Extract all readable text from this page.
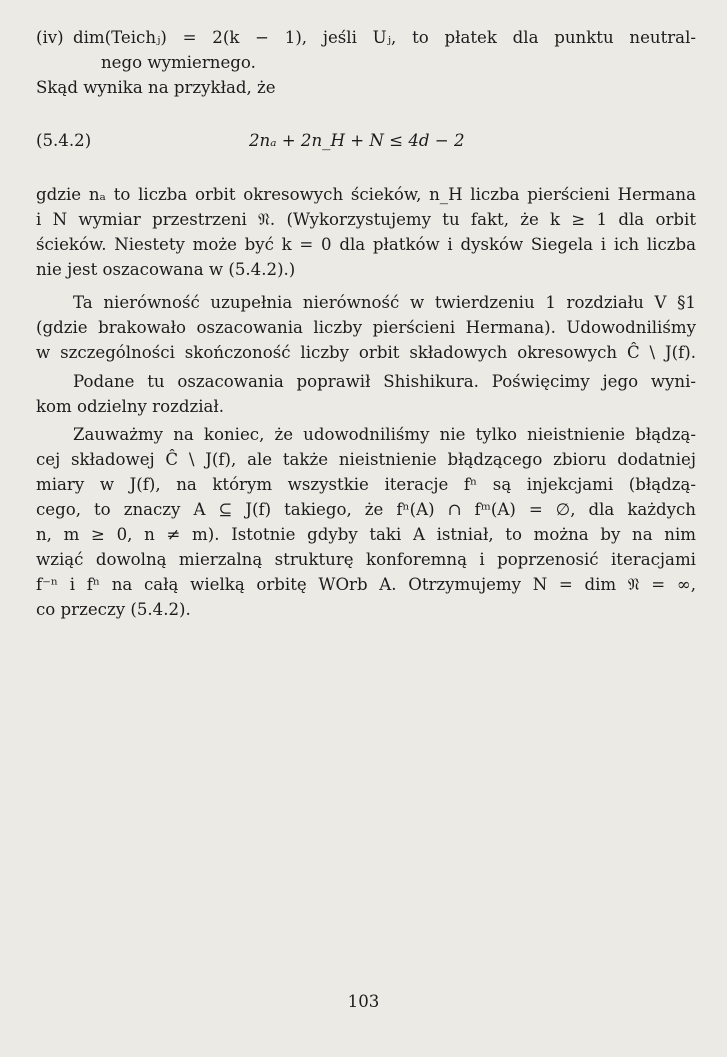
(iv) dim(Teichⱼ) = 2(k − 1), jeśli Uⱼ, to płatek dla punktu neutral-
nego wymiernego.
Skąd wynika na przykład, że
(5.4.2)	2nₐ + 2n_H + N ≤ 4d − 2
gdzie nₐ to liczba orbit okresowych ścieków, n_H liczba pierścieni Hermana
i N wymiar przestrzeni 𝔑. (Wykorzystujemy tu fakt, że k ≥ 1 dla orbit
ścieków. Niestety może być k = 0 dla płatków i dysków Siegela i ich liczba
nie jest oszacowana w (5.4.2).)
Ta nierówność uzupełnia nierówność w twierdzeniu 1 rozdziału V §1
(gdzie brakowało oszacowania liczby pierścieni Hermana). Udowodniliśmy
w szczególności skończoność liczby orbit składowych okresowych Ĉ \ J(f).
Podane tu oszacowania poprawił Shishikura. Poświęcimy jego wyni-
kom odzielny rozdział.
Zauważmy na koniec, że udowodniliśmy nie tylko nieistnienie błądzą-
cej składowej Ĉ \ J(f), ale także nieistnienie błądzącego zbioru dodatniej
miary w J(f), na którym wszystkie iteracje fⁿ są injekcjami (błądzą-
cego, to znaczy A ⊆ J(f) takiego, że fⁿ(A) ∩ fᵐ(A) = ∅, dla każdych
n, m ≥ 0, n ≠ m). Istotnie gdyby taki A istniał, to można by na nim
wziąć dowolną mierzalną strukturę konforemną i poprzenosić iteracjami
f⁻ⁿ i fⁿ na całą wielką orbitę WOrb A. Otrzymujemy N = dim 𝔑 = ∞,
co przeczy (5.4.2).
103
